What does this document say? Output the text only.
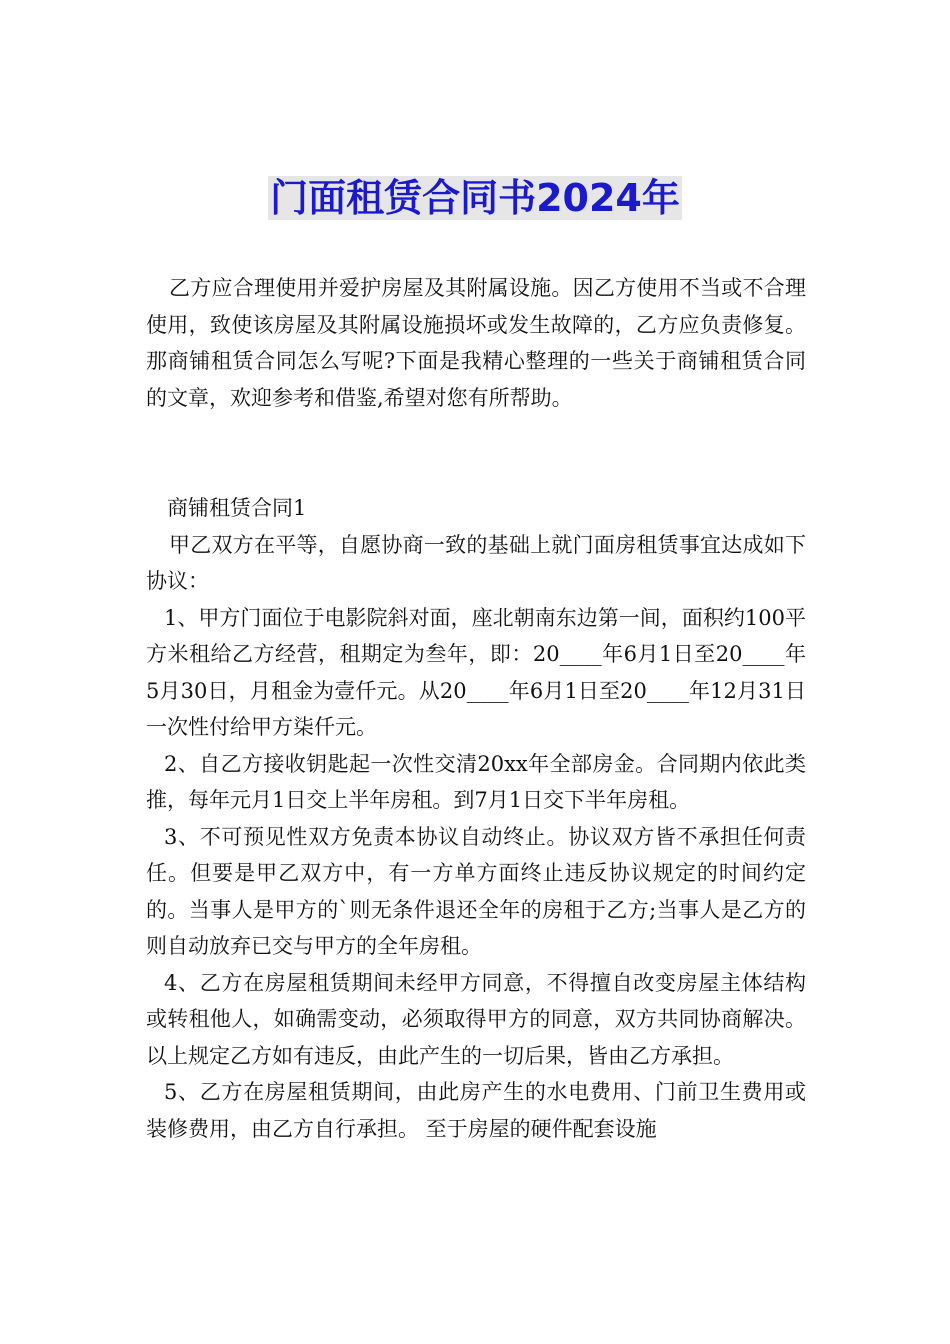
门面租赁合同书2024年

乙方应合理使用并爱护房屋及其附属设施。因乙方使用不当或不合理使用，致使该房屋及其附属设施损坏或发生故障的，乙方应负责修复。那商铺租赁合同怎么写呢?下面是我精心整理的一些关于商铺租赁合同的文章，欢迎参考和借鉴,希望对您有所帮助。

商铺租赁合同1

甲乙双方在平等，自愿协商一致的基础上就门面房租赁事宜达成如下协议：

1、甲方门面位于电影院斜对面，座北朝南东边第一间，面积约100平方米租给乙方经营，租期定为叁年，即：20____年6月1日至20____年5月30日，月租金为壹仟元。从20____年6月1日至20____年12月31日一次性付给甲方柒仟元。

2、自乙方接收钥匙起一次性交清20xx年全部房金。合同期内依此类推，每年元月1日交上半年房租。到7月1日交下半年房租。

3、不可预见性双方免责本协议自动终止。协议双方皆不承担任何责任。但要是甲乙双方中，有一方单方面终止违反协议规定的时间约定的。当事人是甲方的`则无条件退还全年的房租于乙方;当事人是乙方的则自动放弃已交与甲方的全年房租。

4、乙方在房屋租赁期间未经甲方同意，不得擅自改变房屋主体结构或转租他人，如确需变动，必须取得甲方的同意，双方共同协商解决。以上规定乙方如有违反，由此产生的一切后果，皆由乙方承担。

5、乙方在房屋租赁期间，由此房产生的水电费用、门前卫生费用或装修费用，由乙方自行承担。 至于房屋的硬件配套设施
